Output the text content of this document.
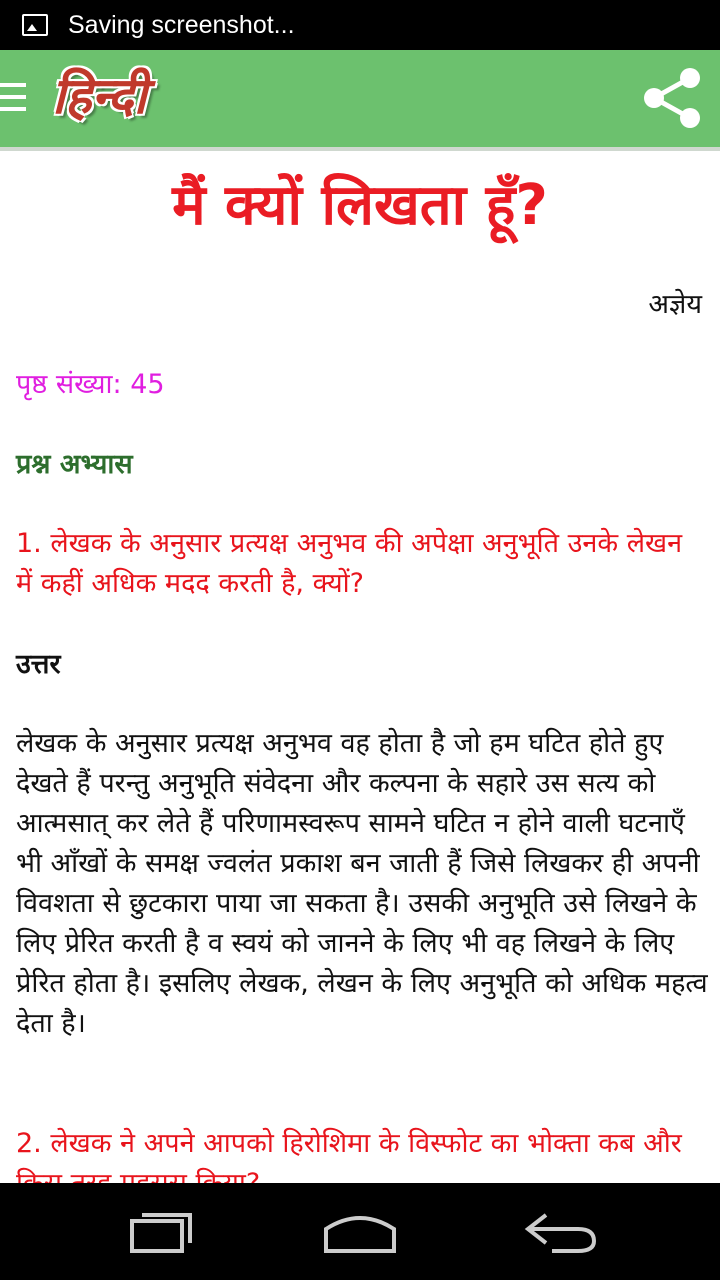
Saving screenshot...
हिन्दी
मैं क्यों लिखता हूँ?
अज्ञेय
पृष्ठ संख्या: 45
प्रश्न अभ्यास
1. लेखक के अनुसार प्रत्यक्ष अनुभव की अपेक्षा अनुभूति उनके लेखन में कहीं अधिक मदद करती है, क्यों?
उत्तर
लेखक के अनुसार प्रत्यक्ष अनुभव वह होता है जो हम घटित होते हुए देखते हैं परन्तु अनुभूति संवेदना और कल्पना के सहारे उस सत्य को आत्मसात् कर लेते हैं परिणामस्वरूप सामने घटित न होने वाली घटनाएँ भी आँखों के समक्ष ज्वलंत प्रकाश बन जाती हैं जिसे लिखकर ही अपनी विवशता से छुटकारा पाया जा सकता है। उसकी अनुभूति उसे लिखने के लिए प्रेरित करती है व स्वयं को जानने के लिए भी वह लिखने के लिए प्रेरित होता है। इसलिए लेखक, लेखन के लिए अनुभूति को अधिक महत्व देता है।
2. लेखक ने अपने आपको हिरोशिमा के विस्फोट का भोक्ता कब और
